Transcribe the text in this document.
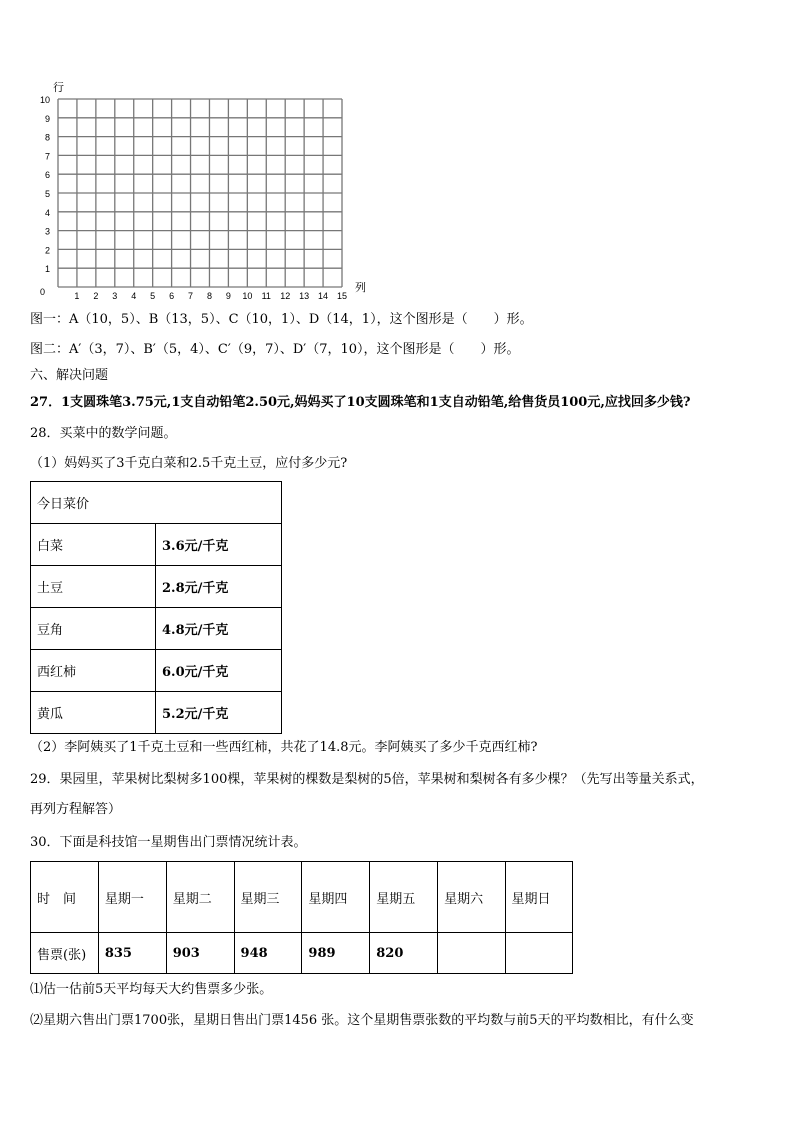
0
1
2
3
4
5
6
7
8
9
10
1 2 3 4 5 6 7 8 9 10 11 12 13 14 15
行
列
图一：A（10，5）、B（13，5）、C（10，1）、D（14，1），这个图形是（　　）形。
图二：A′（3，7）、B′（5，4）、C′（9，7）、D′（7，10），这个图形是（　　）形。
六、解决问题
27．1支圆珠笔3.75元,1支自动铅笔2.50元,妈妈买了10支圆珠笔和1支自动铅笔,给售货员100元,应找回多少钱?
28．买菜中的数学问题。
（1）妈妈买了3千克白菜和2.5千克土豆，应付多少元?
今日菜价	
白菜	3.6元/千克
土豆	2.8元/千克
豆角	4.8元/千克
西红柿	6.0元/千克
黄瓜	5.2元/千克
（2）李阿姨买了1千克土豆和一些西红柿，共花了14.8元。李阿姨买了多少千克西红柿?
29．果园里，苹果树比梨树多100棵，苹果树的棵数是梨树的5倍，苹果树和梨树各有多少棵？（先写出等量关系式，
再列方程解答）
30．下面是科技馆一星期售出门票情况统计表。
时　间	星期一	星期二	星期三	星期四	星期五	星期六	星期日
售票(张)	835	903	948	989	820		
⑴估一估前5天平均每天大约售票多少张。
⑵星期六售出门票1700张，星期日售出门票1456 张。这个星期售票张数的平均数与前5天的平均数相比，有什么变
